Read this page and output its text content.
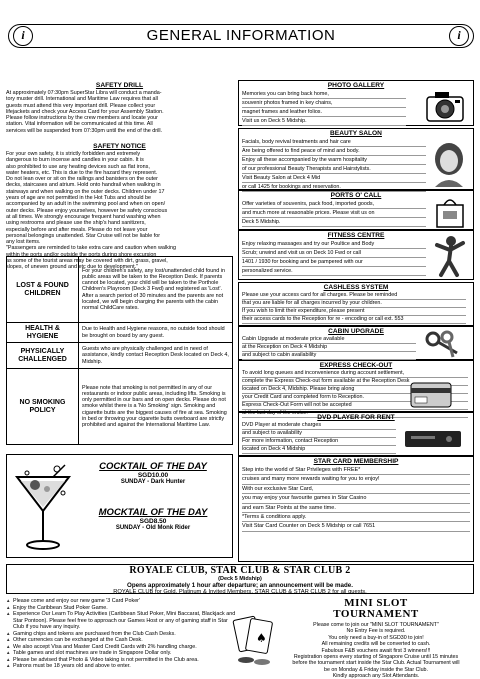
i	GENERAL INFORMATION	i
SAFETY DRILL
At approximately 07:30pm SuperStar Libra will conduct a manda-
tory muster drill. International and Maritime Law requires that all
guests must attend this very important drill. Please collect your
lifejackets and check your Access Card for your Assembly Station.
Please follow instructions by the crew members and locate your
station. Vital information will be communicated at this time. All
services will be suspended from 07:30pm until the end of the drill.
SAFETY NOTICE
For your own safety, it is strictly forbidden and extremely
dangerous to burn incense and candles in your cabin. It is
also prohibited to use any heating devices such as flat irons,
water heaters, etc. This is due to the fire hazard they represent.
Do not lean over or sit on the railings and banisters on the outer
decks, staircases and atrium. Hold onto handrail when walking in
stairways and when walking on the outer decks. Children under 17
years of age are not permitted in the Hot Tubs and should be
accompanied by an adult in the swimming pool and when on open/
outer decks. Please enjoy yourselves, however be safety conscious
at all times. We strongly encourage frequent hand washing when
using restrooms and please use the ship's hand sanitizers,
especially before and after meals. Please do not leave your
personal belongings unattended. Star Cruise will not be liable for
any lost items.
"Passengers are reminded to take extra care and caution when walking
within the ports and/or outside the ports during shore excursion
as some of the tourist areas may be covered with dirt, grass, gravel,
slopes, of uneven ground and etc due to development."
LOST & FOUND CHILDREN	For your children's safety, any lost/unattended child found in public areas will be taken to the Reception Desk. If parents cannot be located, your child will be taken to the Porthole Children's Playroom (Deck 3 Fwd) and registered as 'Lost'. After a search period of 30 minutes and the parents are not located, we will begin charging the parents with the cabin normal ChildCare rates.
HEALTH & HYGIENE	Due to Health and Hygiene reasons, no outside food should be brought on board by any guest.
PHYSICALLY CHALLENGED	Guests who are physically challenged and in need of assistance, kindly contact Reception Desk located on Deck 4, Midship.
NO SMOKING POLICY	Please note that smoking is not permitted in any of our restaurants or indoor public areas, including lifts. Smoking is only permitted in our bars and on open decks. Please do not smoke whilst there is a 'No Smoking' sign. Smoking and cigarette butts are the biggest causes of fire at sea. Smoking in bed or throwing your cigarette butts overboard are strictly prohibited and against the International Maritime Law.
COCKTAIL OF THE DAY
SGD10.00
SUNDAY - Dark Hunter
MOCKTAIL OF THE DAY
SGD8.50
SUNDAY - Old Monk Rider
PHOTO GALLERY
Memories you can bring back home,
souvenir photos framed in key chains,
magnet frames and leather folios.
Visit us on Deck 5 Midship.
BEAUTY SALON
Facials, body revival treatments and hair care
Are being offered to find peace of mind and body.
Enjoy all these accompanied by the warm hospitality
of our professional Beauty Therapists and Hairstylists.
Visit Beauty Salon at Deck 4 Mid
or call 1425 for bookings and reservation.
PORTS O' CALL
Offer varieties of souvenirs, pack food, imported goods,
and much more at reasonable prices. Please visit us on
Deck 5 Midship.
FITNESS CENTRE
Enjoy relaxing massages and try our Poultice and Body
Scrub; unwind and visit us on Deck 10 Fwd or call
1401 / 1930 for booking and be pampered with our
personalized service.
CASHLESS SYSTEM
Please use your access card for all charges. Please be reminded
that you are liable for all charges incurred by your children.
If you wish to limit their expenditure, please present
their access cards to the Reception for re - encoding or call ext. 553
CABIN UPGRADE
Cabin Upgrade at moderate price available
at the Reception on Deck 4 Midship
and subject to cabin availability
EXPRESS CHECK-OUT
To avoid long queues and inconvenience during account settlement,
complete the Express Check-out form available at the Reception Desk
located on Deck 4, Midship. Please bring along
your Credit Card and completed form to Reception.
Express Check-Out Form will not be accepted
at the last day of the cruise.
DVD PLAYER FOR RENT
DVD Player at moderate charges
and subject to availability
For more information, contact Reception
located on Deck 4 Midship
STAR CARD MEMBERSHIP
Step into the world of Star Privileges with FREE*
cruises and many more rewards waiting for you to enjoy!
With our exclusive Star Card,
you may enjoy your favourite games in Star Casino
and earn Star Points at the same time.
*Terms & conditions apply.
Visit Star Card Counter on Deck 5 Midship or call 7651
ROYALE CLUB, STAR CLUB & STAR CLUB 2
(Deck 5 Midship)
Opens approximately 1 hour after departure; an announcement will be made.
ROYALE CLUB for Gold, Platinum & Invited Members, STAR CLUB & STAR CLUB 2 for all guests.
▲ Please come and enjoy our new game '3 Card Poker'
▲ Enjoy the Caribbean Stud Poker Game.
▲ Experience Our Learn To Play Activities (Caribbean Stud Poker, Mini Baccarat, Blackjack and Star Pontoon). Please feel free to approach our Games Host or any of gaming staff in Star Club if you have any inquiry.
▲ Gaming chips and tokens are purchased from the Club Cash Desks.
▲ Other currencies can be exchanged at the Cash Desk.
▲ We also accept Visa and Master Card Credit Cards with 2% handling charge.
▲ Table games and slot machines are trade in Singapore Dollar only.
▲ Please be advised that Photo & Video taking is not permitted in the Club area.
▲ Patrons must be 18 years old and above to enter.
♠
MINI SLOT
TOURNAMENT
Please come to join our "MINI SLOT TOURNAMENT"
No Entry Fee is required.
You only need a buy-in of SGD30 to join!
All remaining credits will be converted to cash.
Fabulous F&B vouchers await first 3 winners!!!
Registration opens every starting of Singapore Cruise until 15 minutes
before the tournament start inside the Star Club. Actual Tournament will
be on Monday & Friday inside the Star Club.
Kindly approach any Slot Attendants.
